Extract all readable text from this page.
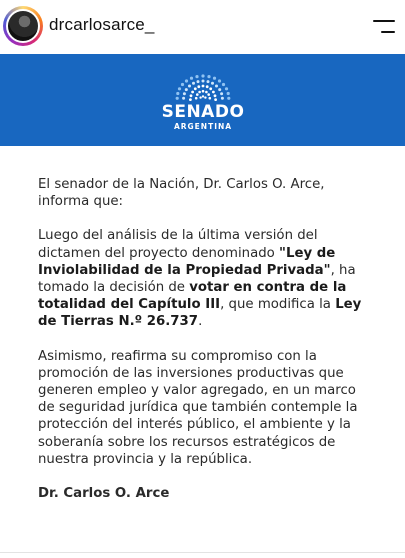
drcarlosarce_
SENADO
ARGENTINA

El senador de la Nación, Dr. Carlos O. Arce, informa que:

Luego del análisis de la última versión del dictamen del proyecto denominado "Ley de Inviolabilidad de la Propiedad Privada", ha tomado la decisión de votar en contra de la totalidad del Capítulo III, que modifica la Ley de Tierras N.º 26.737.

Asimismo, reafirma su compromiso con la promoción de las inversiones productivas que generen empleo y valor agregado, en un marco de seguridad jurídica que también contemple la protección del interés público, el ambiente y la soberanía sobre los recursos estratégicos de nuestra provincia y la república.

Dr. Carlos O. Arce
